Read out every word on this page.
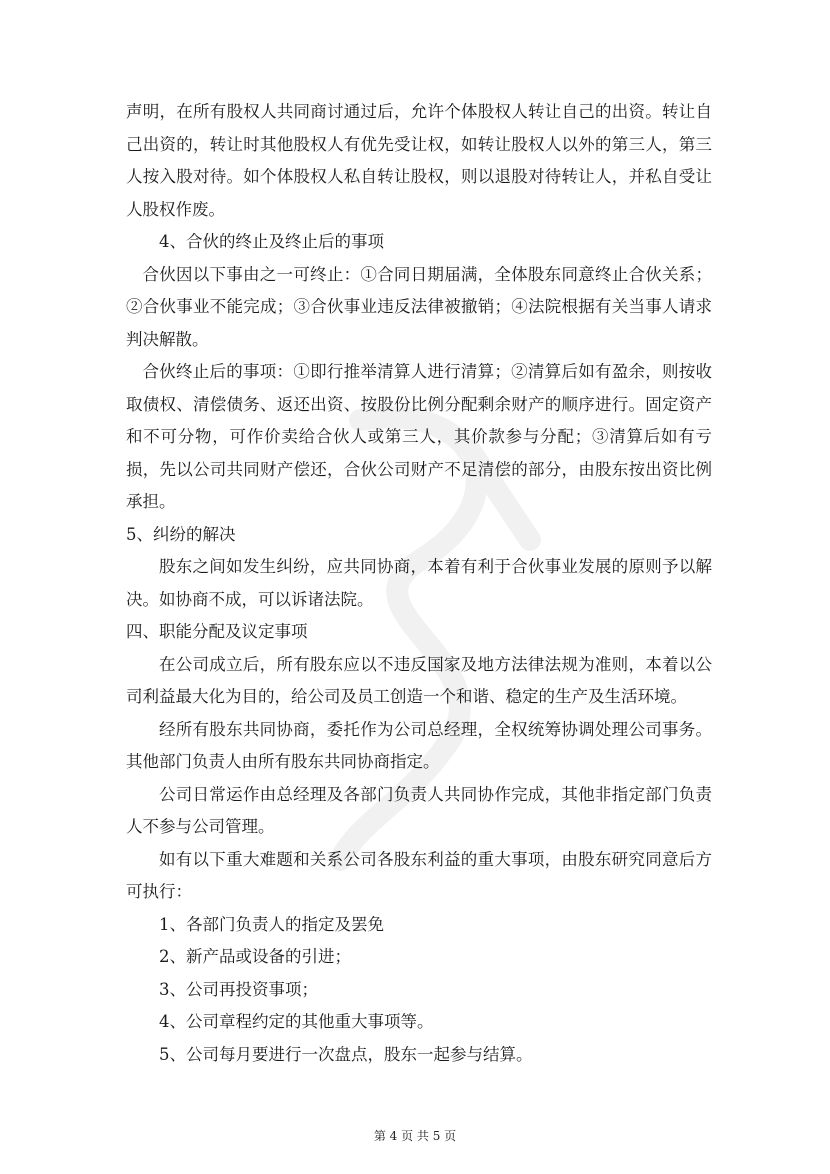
声明，在所有股权人共同商讨通过后，允许个体股权人转让自己的出资。转让自己出资的，转让时其他股权人有优先受让权，如转让股权人以外的第三人，第三人按入股对待。如个体股权人私自转让股权，则以退股对待转让人，并私自受让人股权作废。

4、合伙的终止及终止后的事项

合伙因以下事由之一可终止：①合同日期届满，全体股东同意终止合伙关系；②合伙事业不能完成；③合伙事业违反法律被撤销；④法院根据有关当事人请求判决解散。

合伙终止后的事项：①即行推举清算人进行清算；②清算后如有盈余，则按收取债权、清偿债务、返还出资、按股份比例分配剩余财产的顺序进行。固定资产和不可分物，可作价卖给合伙人或第三人，其价款参与分配；③清算后如有亏损，先以公司共同财产偿还，合伙公司财产不足清偿的部分，由股东按出资比例承担。

5、纠纷的解决

股东之间如发生纠纷，应共同协商，本着有利于合伙事业发展的原则予以解决。如协商不成，可以诉诸法院。

四、职能分配及议定事项

在公司成立后，所有股东应以不违反国家及地方法律法规为准则，本着以公司利益最大化为目的，给公司及员工创造一个和谐、稳定的生产及生活环境。

经所有股东共同协商，委托作为公司总经理，全权统筹协调处理公司事务。其他部门负责人由所有股东共同协商指定。

公司日常运作由总经理及各部门负责人共同协作完成，其他非指定部门负责人不参与公司管理。

如有以下重大难题和关系公司各股东利益的重大事项，由股东研究同意后方可执行：

1、各部门负责人的指定及罢免

2、新产品或设备的引进；

3、公司再投资事项；

4、公司章程约定的其他重大事项等。

5、公司每月要进行一次盘点，股东一起参与结算。

第 4 页 共 5 页
